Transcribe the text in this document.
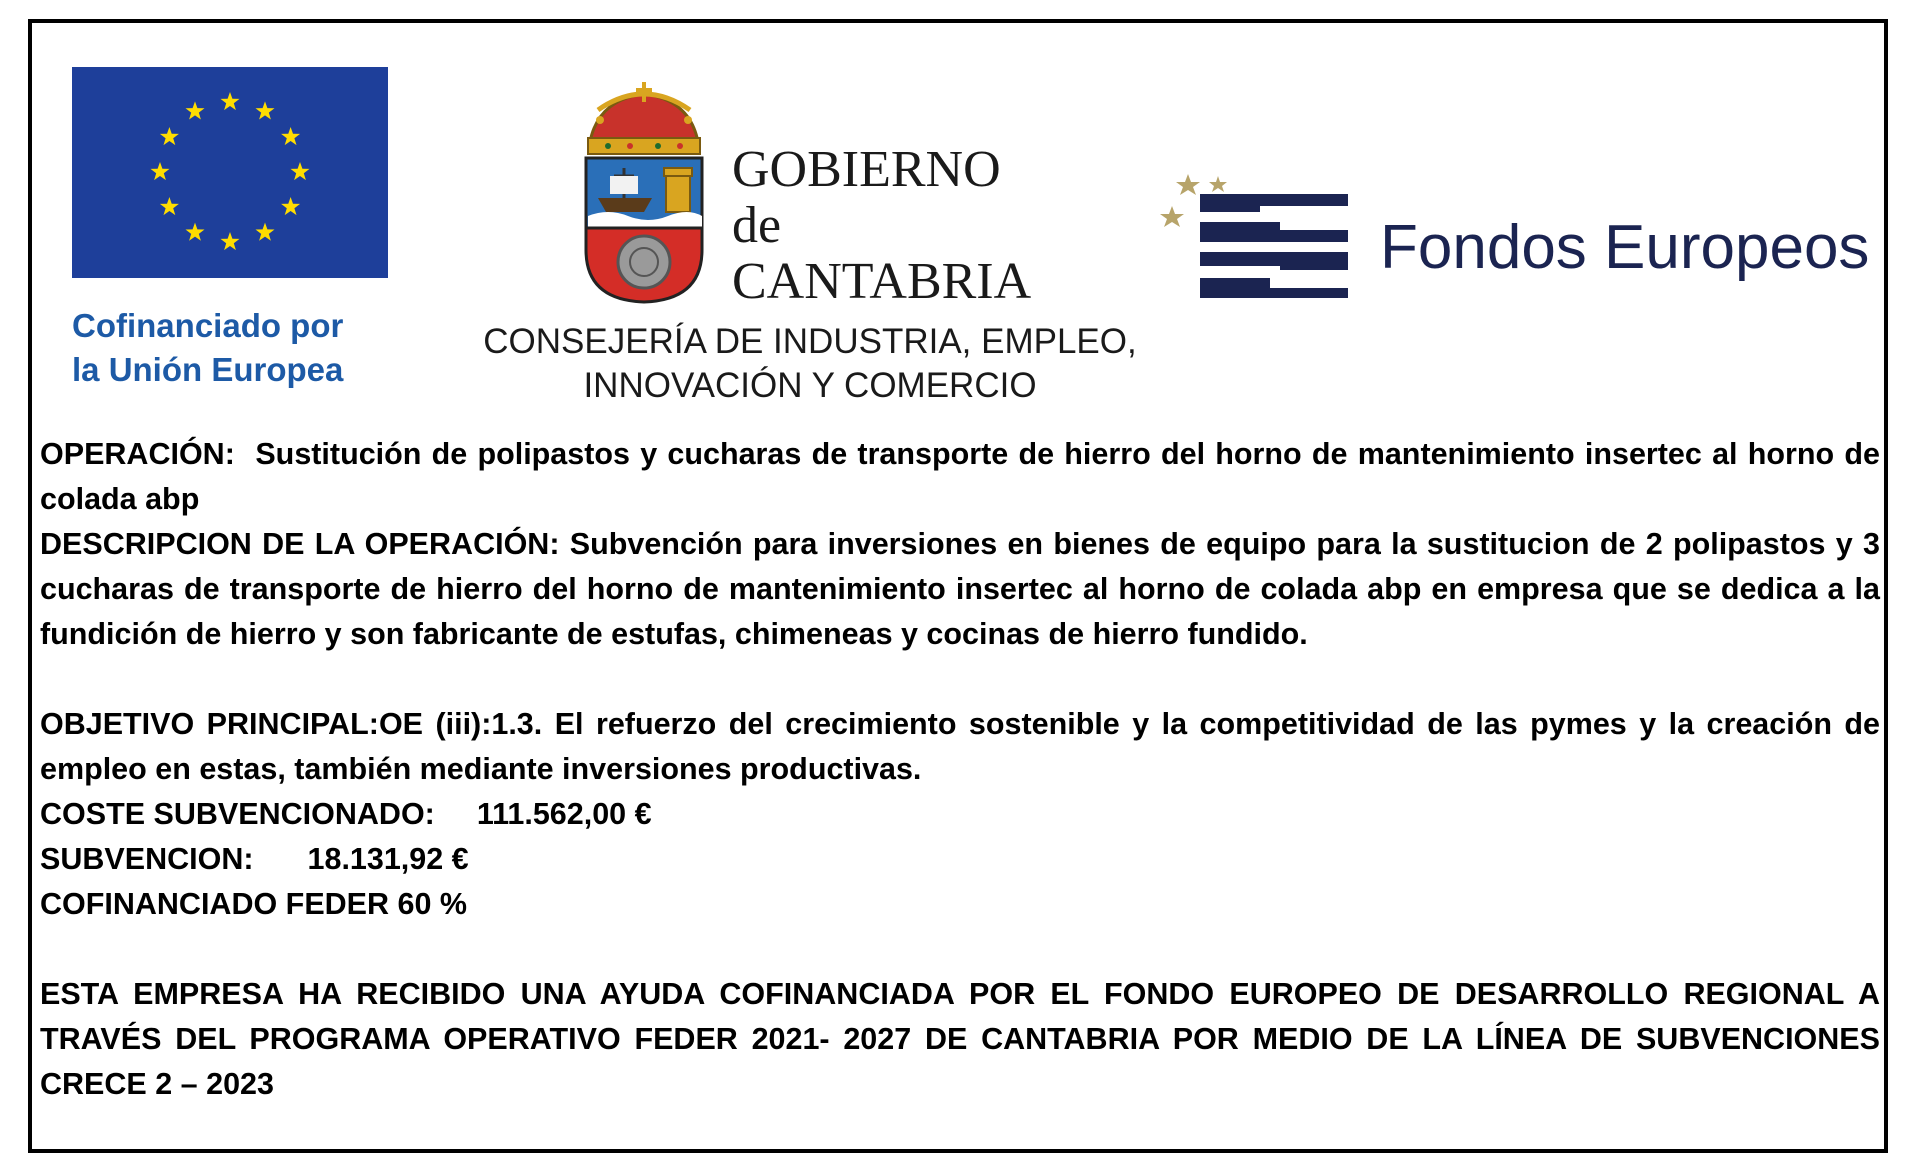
Cofinanciado por
la Unión Europea
GOBIERNO
de
CANTABRIA
CONSEJERÍA DE INDUSTRIA, EMPLEO,
INNOVACIÓN Y COMERCIO
Fondos Europeos

OPERACIÓN: Sustitución de polipastos y cucharas de transporte de hierro del horno de mantenimiento insertec al horno de colada abp

DESCRIPCION DE LA OPERACIÓN: Subvención para inversiones en bienes de equipo para la sustitucion de 2 polipastos y 3 cucharas de transporte de hierro del horno de mantenimiento insertec al horno de colada abp en empresa que se dedica a la fundición de hierro y son fabricante de estufas, chimeneas y cocinas de hierro fundido.

OBJETIVO PRINCIPAL:OE (iii):1.3. El refuerzo del crecimiento sostenible y la competitividad de las pymes y la creación de empleo en estas, también mediante inversiones productivas.

COSTE SUBVENCIONADO: 111.562,00 €

SUBVENCION: 18.131,92 €

COFINANCIADO FEDER 60 %

ESTA EMPRESA HA RECIBIDO UNA AYUDA COFINANCIADA POR EL FONDO EUROPEO DE DESARROLLO REGIONAL A TRAVÉS DEL PROGRAMA OPERATIVO FEDER 2021- 2027 DE CANTABRIA POR MEDIO DE LA LÍNEA DE SUBVENCIONES CRECE 2 – 2023
